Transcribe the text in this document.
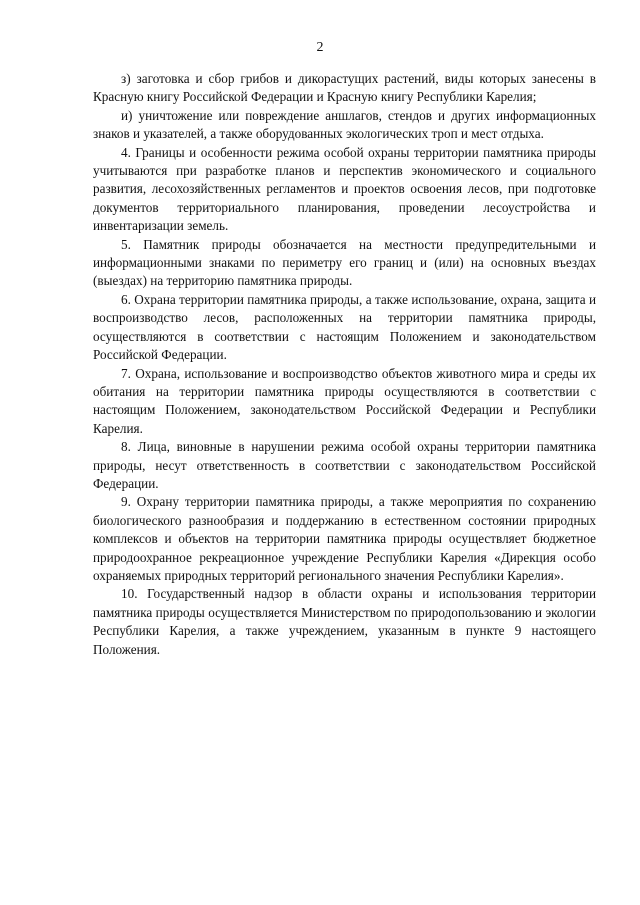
2

з) заготовка и сбор грибов и дикорастущих растений, виды которых занесены в Красную книгу Российской Федерации и Красную книгу Республики Карелия;

и) уничтожение или повреждение аншлагов, стендов и других информационных знаков и указателей, а также оборудованных экологических троп и мест отдыха.

4. Границы и особенности режима особой охраны территории памятника природы учитываются при разработке планов и перспектив экономического и социального развития, лесохозяйственных регламентов и проектов освоения лесов, при подготовке документов территориального планирования, проведении лесоустройства и инвентаризации земель.

5. Памятник природы обозначается на местности предупредительными и информационными знаками по периметру его границ и (или) на основных въездах (выездах) на территорию памятника природы.

6. Охрана территории памятника природы, а также использование, охрана, защита и воспроизводство лесов, расположенных на территории памятника природы, осуществляются в соответствии с настоящим Положением и законодательством Российской Федерации.

7. Охрана, использование и воспроизводство объектов животного мира и среды их обитания на территории памятника природы осуществляются в соответствии с настоящим Положением, законодательством Российской Федерации и Республики Карелия.

8. Лица, виновные в нарушении режима особой охраны территории памятника природы, несут ответственность в соответствии с законодательством Российской Федерации.

9. Охрану территории памятника природы, а также мероприятия по сохранению биологического разнообразия и поддержанию в естественном состоянии природных комплексов и объектов на территории памятника природы осуществляет бюджетное природоохранное рекреационное учреждение Республики Карелия «Дирекция особо охраняемых природных территорий регионального значения Республики Карелия».

10. Государственный надзор в области охраны и использования территории памятника природы осуществляется Министерством по природопользованию и экологии Республики Карелия, а также учреждением, указанным в пункте 9 настоящего Положения.
